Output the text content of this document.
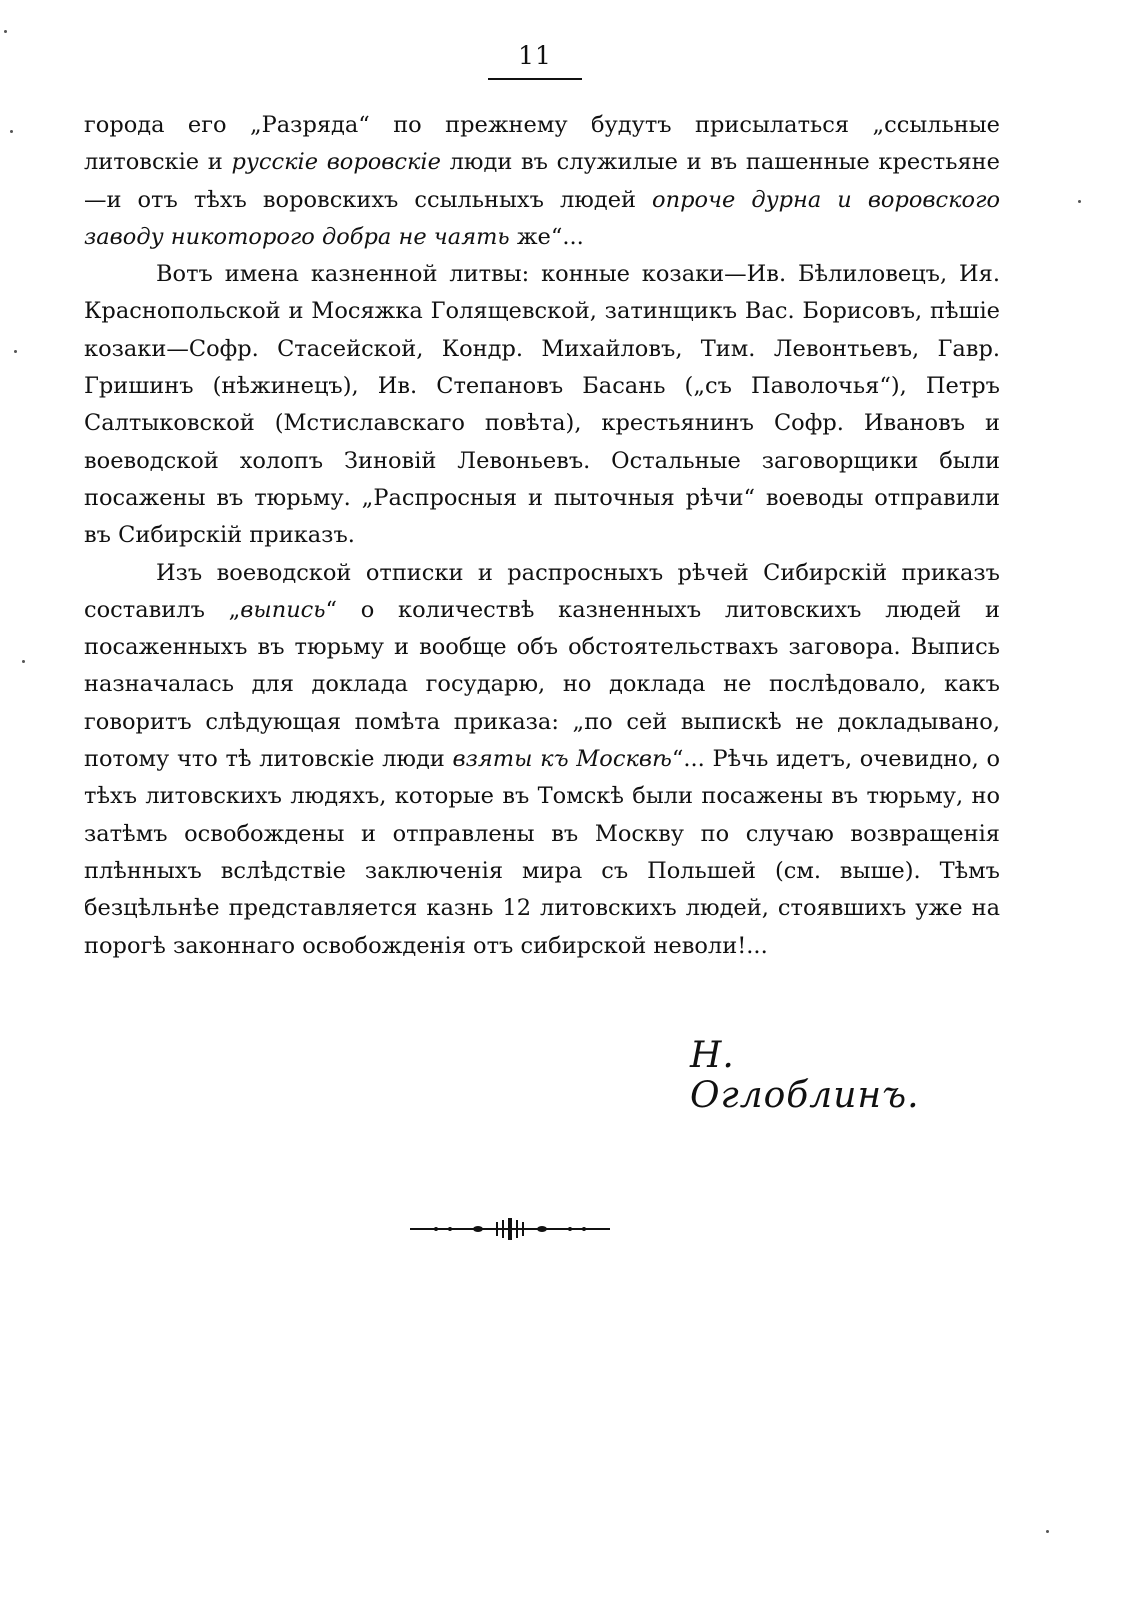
11

города его „Разряда“ по прежнему будутъ присылаться „ссыльные литовскіе и русскіе воровскіе люди въ служилые и въ пашенные крестьяне—и отъ тѣхъ воровскихъ ссыльныхъ людей опроче дурна и воровского заводу никоторого добра не чаять же“...

Вотъ имена казненной литвы: конные козаки—Ив. Бѣлиловецъ, Ия. Краснопольской и Мосяжка Голящевской, затинщикъ Вас. Борисовъ, пѣшіе козаки—Софр. Стасейской, Кондр. Михайловъ, Тим. Левонтьевъ, Гавр. Гришинъ (нѣжинецъ), Ив. Степановъ Басань („съ Паволочья“), Петръ Салтыковской (Мстиславскаго повѣта), крестьянинъ Софр. Ивановъ и воеводской холопъ Зиновій Левоньевъ. Остальные заговорщики были посажены въ тюрьму. „Распросныя и пыточныя рѣчи“ воеводы отправили въ Сибирскій приказъ.

Изъ воеводской отписки и распросныхъ рѣчей Сибирскій приказъ составилъ „выпись“ о количествѣ казненныхъ литовскихъ людей и посаженныхъ въ тюрьму и вообще объ обстоятельствахъ заговора. Выпись назначалась для доклада государю, но доклада не послѣдовало, какъ говоритъ слѣдующая помѣта приказа: „по сей выпискѣ не докладывано, потому что тѣ литовскіе люди взяты къ Москвѣ“... Рѣчь идетъ, очевидно, о тѣхъ литовскихъ людяхъ, которые въ Томскѣ были посажены въ тюрьму, но затѣмъ освобождены и отправлены въ Москву по случаю возвращенія плѣнныхъ вслѣдствіе заключенія мира съ Польшей (см. выше). Тѣмъ безцѣльнѣе представляется казнь 12 литовскихъ людей, стоявшихъ уже на порогѣ законнаго освобожденія отъ сибирской неволи!...

Н. Оглоблинъ.
